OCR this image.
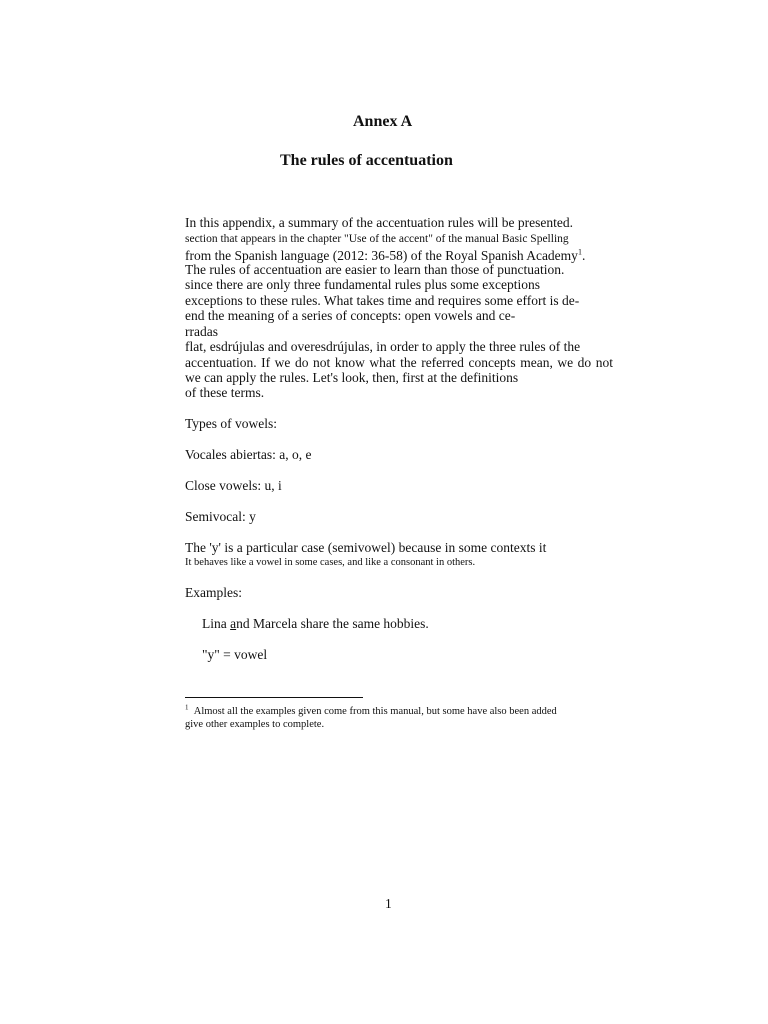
Annex A
The rules of accentuation
In this appendix, a summary of the accentuation rules will be presented.
section that appears in the chapter "Use of the accent" of the manual Basic Spelling
from the Spanish language (2012: 36-58) of the Royal Spanish Academy$^1$.
The rules of accentuation are easier to learn than those of punctuation.
since there are only three fundamental rules plus some exceptions
exceptions to these rules. What takes time and requires some effort is de-
end the meaning of a series of concepts: open vowels and ce-
rradas
flat, esdrújulas and overesdrújulas, in order to apply the three rules of the
accentuation. If we do not know what the referred concepts mean, we do not
we can apply the rules. Let's look, then, first at the definitions
of these terms.
Types of vowels:
Vocales abiertas: a, o, e
Close vowels: u, i
Semivocal: y
The 'y' is a particular case (semivowel) because in some contexts it
It behaves like a vowel in some cases, and like a consonant in others.
Examples:
Lina and Marcela share the same hobbies.
"y" = vowel
$^1$ Almost all the examples given come from this manual, but some have also been added
give other examples to complete.
1
